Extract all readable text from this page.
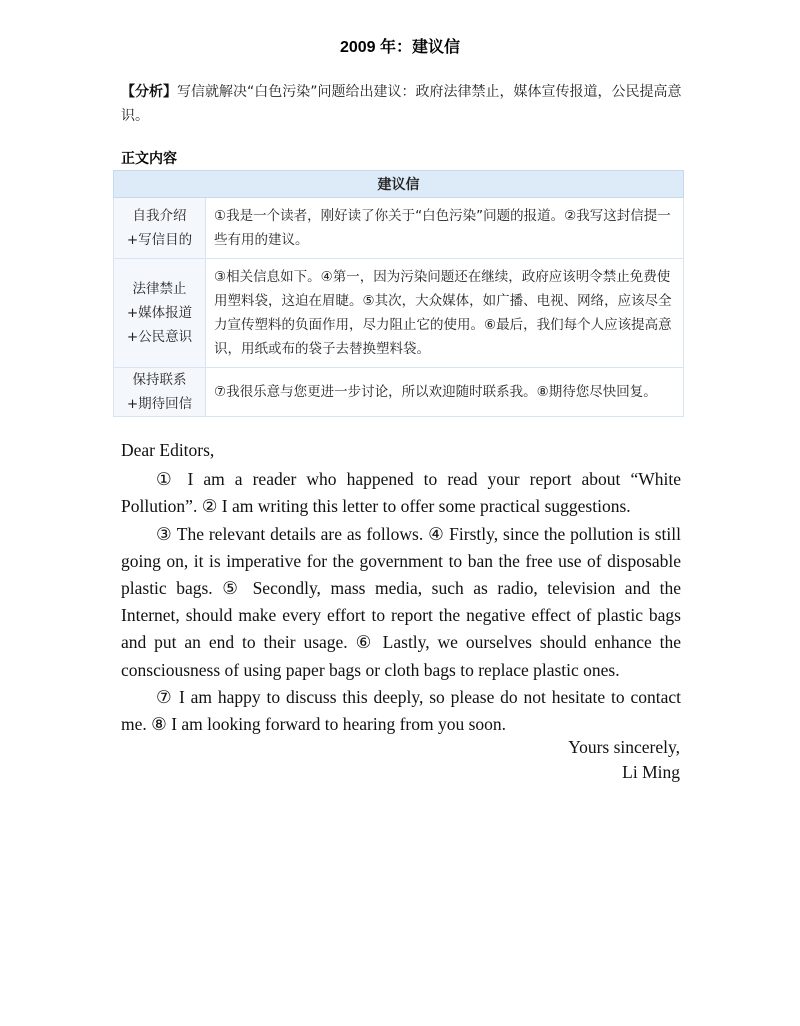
2009 年：建议信
【分析】写信就解决“白色污染”问题给出建议：政府法律禁止，媒体宣传报道，公民提高意识。
正文内容
建议信	

自我介绍
+写信目的	①我是一个读者，刚好读了你关于“白色污染”问题的报道。②我写这封信提一些有用的建议。

法律禁止
+媒体报道
+公民意识	③相关信息如下。④第一，因为污染问题还在继续，政府应该明令禁止免费使用塑料袋，这迫在眉睫。⑤其次，大众媒体，如广播、电视、网络，应该尽全力宣传塑料的负面作用，尽力阻止它的使用。⑥最后，我们每个人应该提高意识，用纸或布的袋子去替换塑料袋。

保持联系
+期待回信	⑦我很乐意与您更进一步讨论，所以欢迎随时联系我。⑧期待您尽快回复。

Dear Editors,

① I am a reader who happened to read your report about “White Pollution”. ② I am writing this letter to offer some practical suggestions.

③ The relevant details are as follows. ④ Firstly, since the pollution is still going on, it is imperative for the government to ban the free use of disposable plastic bags. ⑤ Secondly, mass media, such as radio, television and the Internet, should make every effort to report the negative effect of plastic bags and put an end to their usage. ⑥ Lastly, we ourselves should enhance the consciousness of using paper bags or cloth bags to replace plastic ones.

⑦ I am happy to discuss this deeply, so please do not hesitate to contact me. ⑧ I am looking forward to hearing from you soon.

Yours sincerely,
Li Ming
